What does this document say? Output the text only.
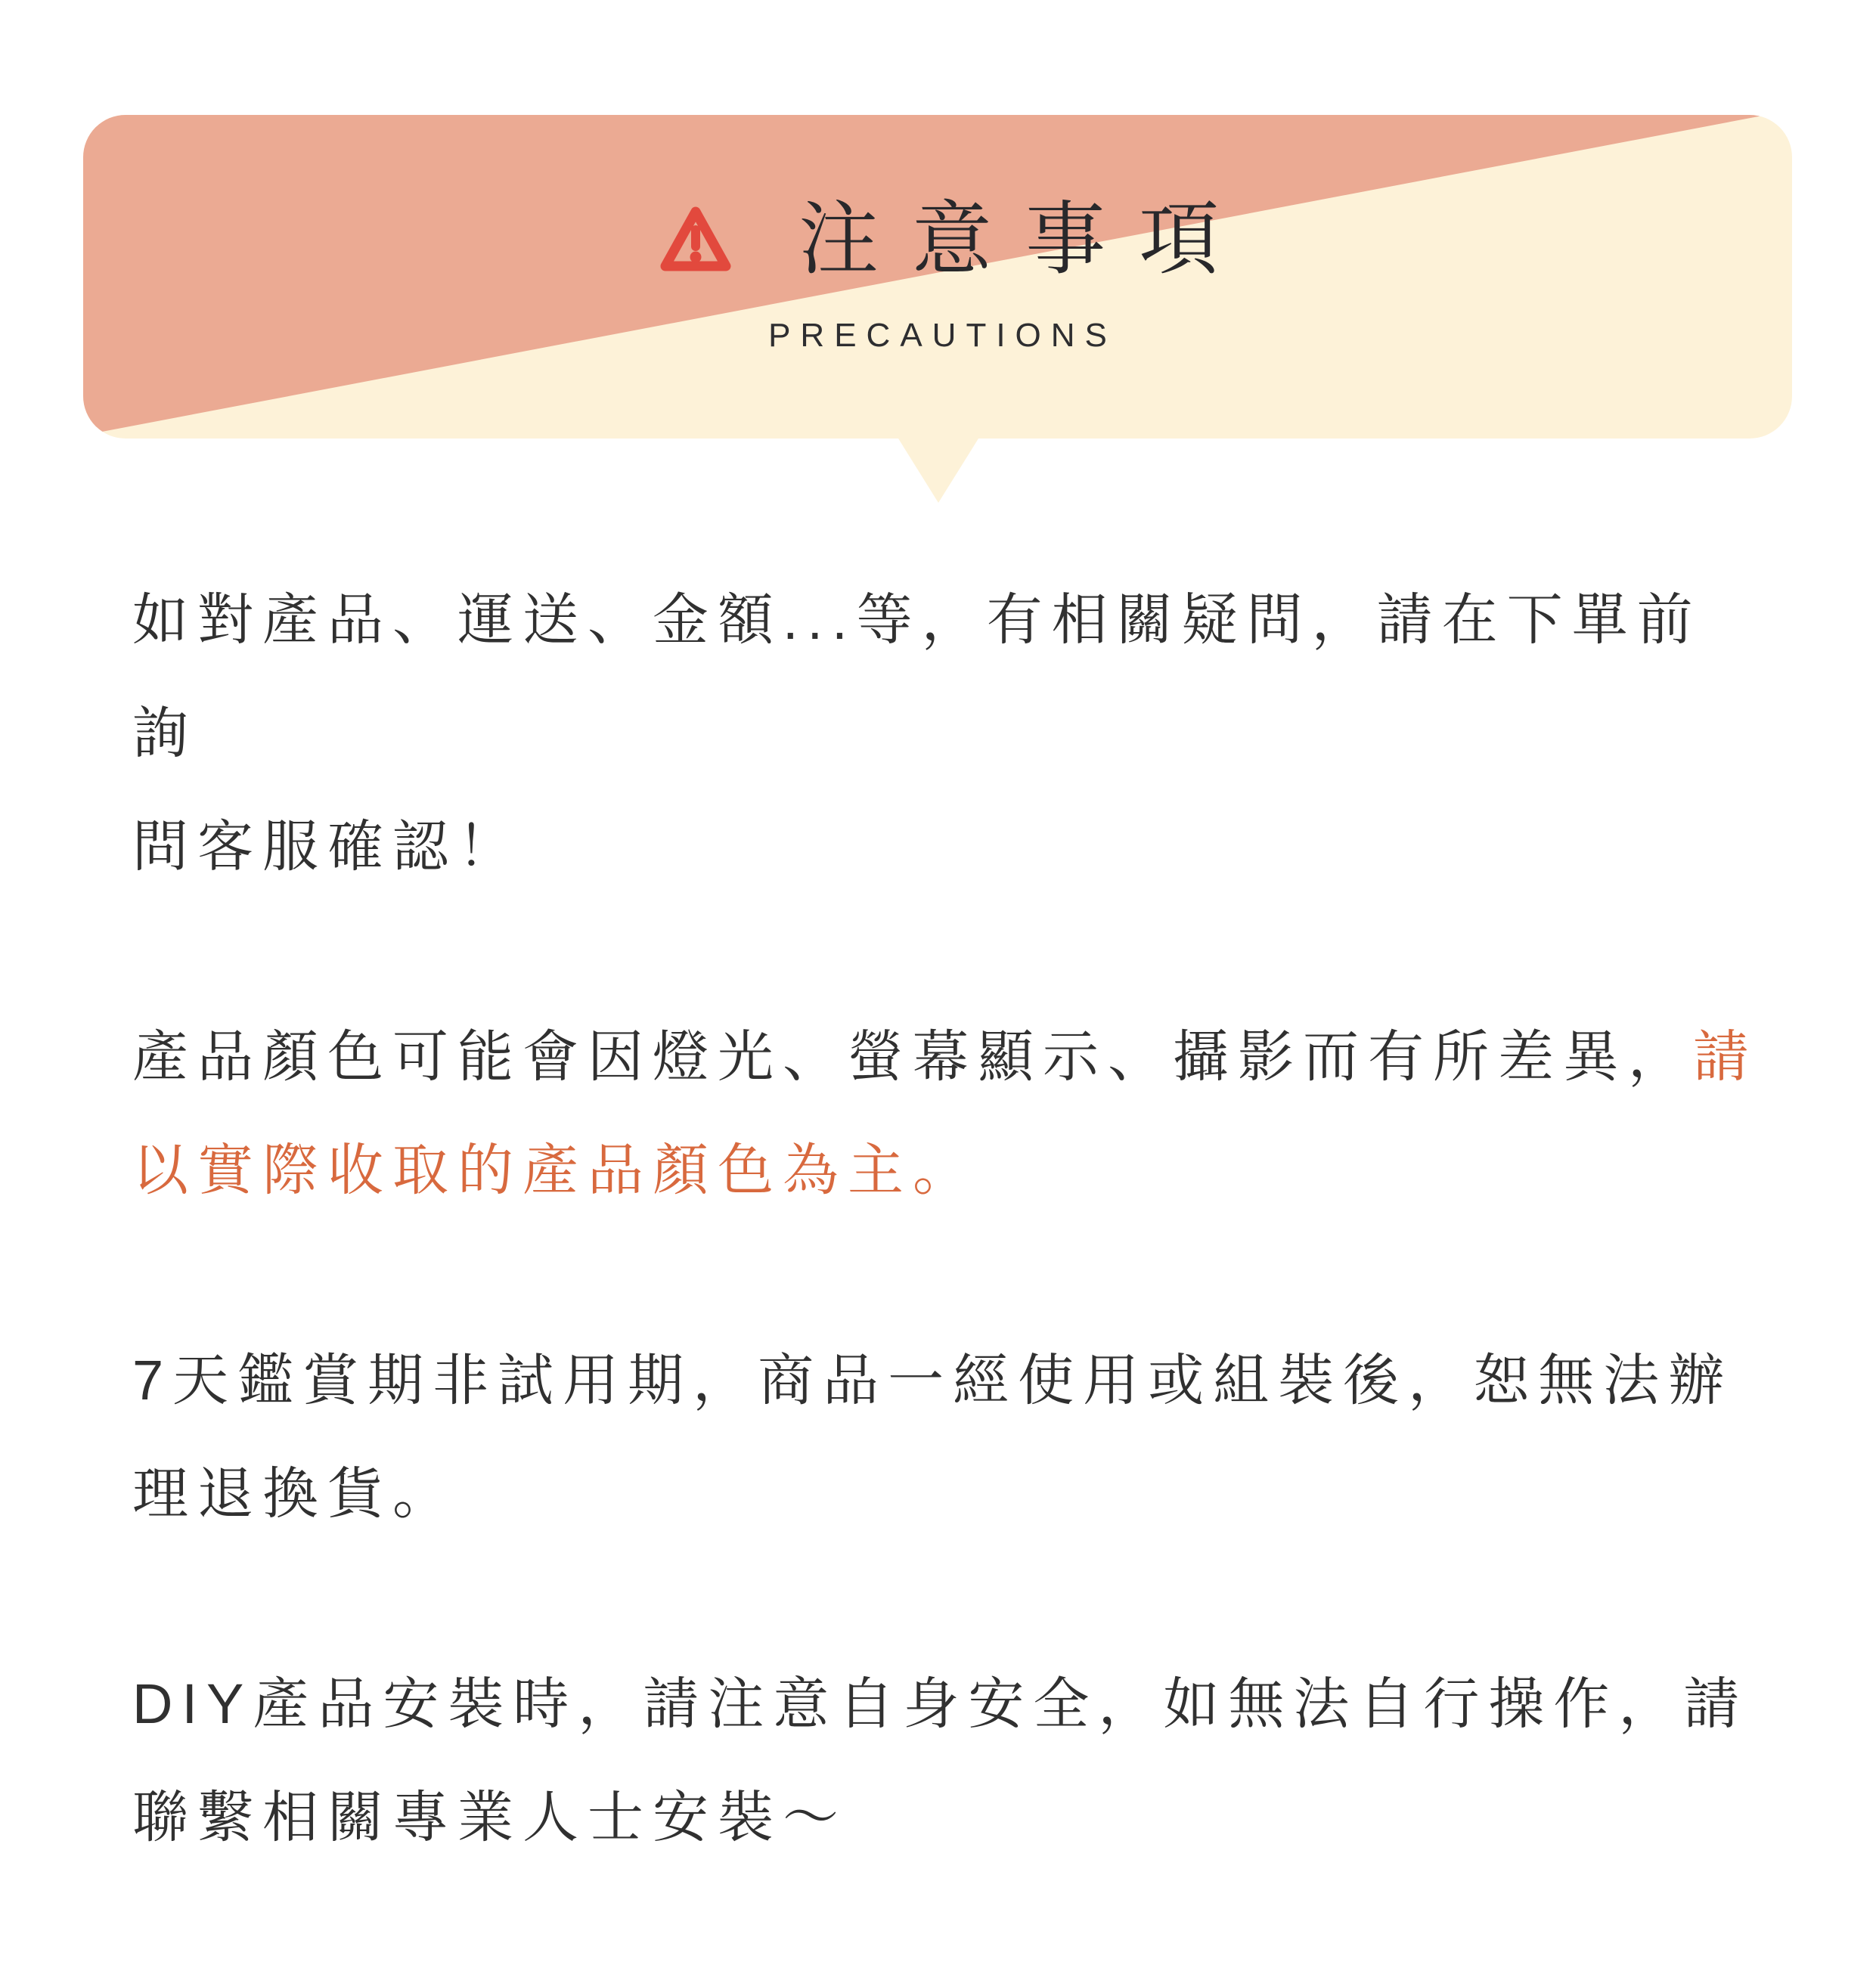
注意事項
PRECAUTIONS

如對產品、運送、金額...等，有相關疑問，請在下單前詢
問客服確認！

產品顏色可能會因燈光、螢幕顯示、攝影而有所差異，請
以實際收取的產品顏色為主。

7天鑑賞期非試用期，商品一經使用或組裝後，恕無法辦
理退換貨。

DIY產品安裝時，請注意自身安全，如無法自行操作，請
聯繫相關專業人士安裝～
